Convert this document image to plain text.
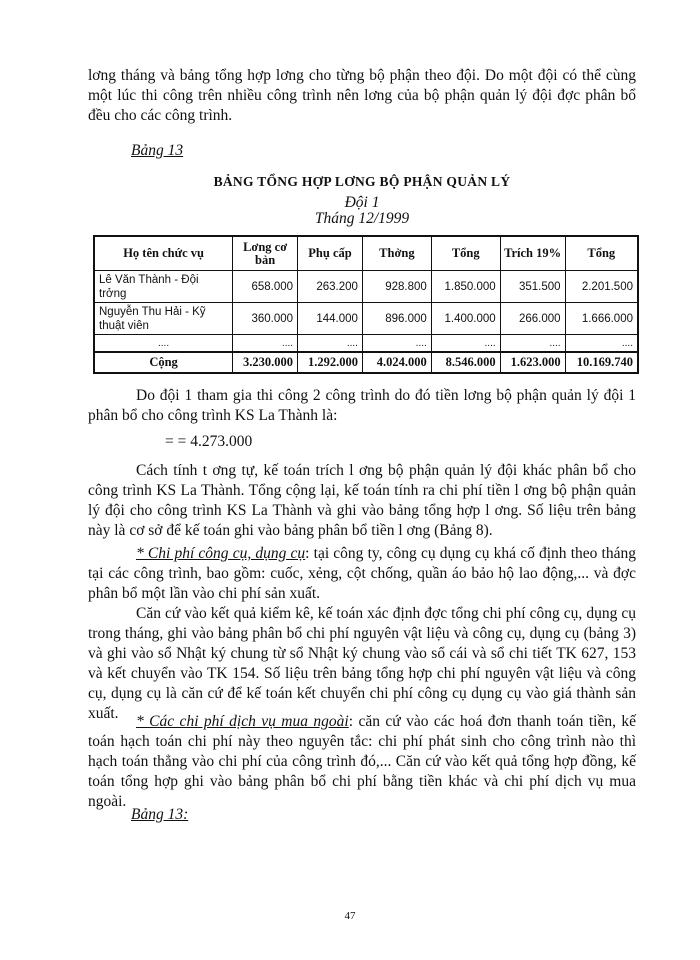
lơng tháng và bảng tổng hợp lơng cho từng bộ phận theo đội. Do một đội có thể cùng một lúc thi công trên nhiều công trình nên lơng của bộ phận quản lý đội đợc phân bổ đều cho các công trình.

Bảng 13

BẢNG TỔNG HỢP LƠNG BỘ PHẬN QUẢN LÝ

Đội 1

Tháng 12/1999

Họ tên chức vụ	Lơng cơ bản	Phụ cấp	Thởng	Tổng	Trích 19%	Tổng
Lê Văn Thành - Đội trởng	658.000	263.200	928.800	1.850.000	351.500	2.201.500
Nguyễn Thu Hải - Kỹ thuật viên	360.000	144.000	896.000	1.400.000	266.000	1.666.000
....	....	....	....	....	....	....
Cộng	3.230.000	1.292.000	4.024.000	8.546.000	1.623.000	10.169.740

Do đội 1 tham gia thi công 2 công trình do đó tiền lơng bộ phận quản lý đội 1 phân bổ cho công trình KS La Thành là:

= = 4.273.000

Cách tính t ơng tự, kế toán trích l ơng bộ phận quản lý đội khác phân bổ cho công trình KS La Thành. Tổng cộng lại, kế toán tính ra chi phí tiền l ơng bộ phận quản lý đội cho công trình KS La Thành và ghi vào bảng tổng hợp l ơng. Số liệu trên bảng này là cơ sở để kế toán ghi vào bảng phân bổ tiền l ơng (Bảng 8).

* Chi phí công cụ, dụng cụ: tại công ty, công cụ dụng cụ khá cố định theo tháng tại các công trình, bao gồm: cuốc, xẻng, cột chống, quần áo bảo hộ lao động,... và đợc phân bổ một lần vào chi phí sản xuất.

Căn cứ vào kết quả kiểm kê, kế toán xác định đợc tổng chi phí công cụ, dụng cụ trong tháng, ghi vào bảng phân bổ chi phí nguyên vật liệu và công cụ, dụng cụ (bảng 3) và ghi vào sổ Nhật ký chung từ sổ Nhật ký chung vào sổ cái và sổ chi tiết TK 627, 153 và kết chuyển vào TK 154. Số liệu trên bảng tổng hợp chi phí nguyên vật liệu và công cụ, dụng cụ là căn cứ để kế toán kết chuyển chi phí công cụ dụng cụ vào giá thành sản xuất.	* Các chi phí dịch vụ mua ngoài: căn cứ vào các hoá đơn thanh toán tiền, kế toán hạch toán chi phí này theo nguyên tắc: chi phí phát sinh cho công trình nào thì hạch toán thẳng vào chi phí của công trình đó,... Căn cứ vào kết quả tổng hợp đồng, kế toán tổng hợp ghi vào bảng phân bổ chi phí bằng tiền khác và chi phí dịch vụ mua ngoài.

Bảng 13:

47
